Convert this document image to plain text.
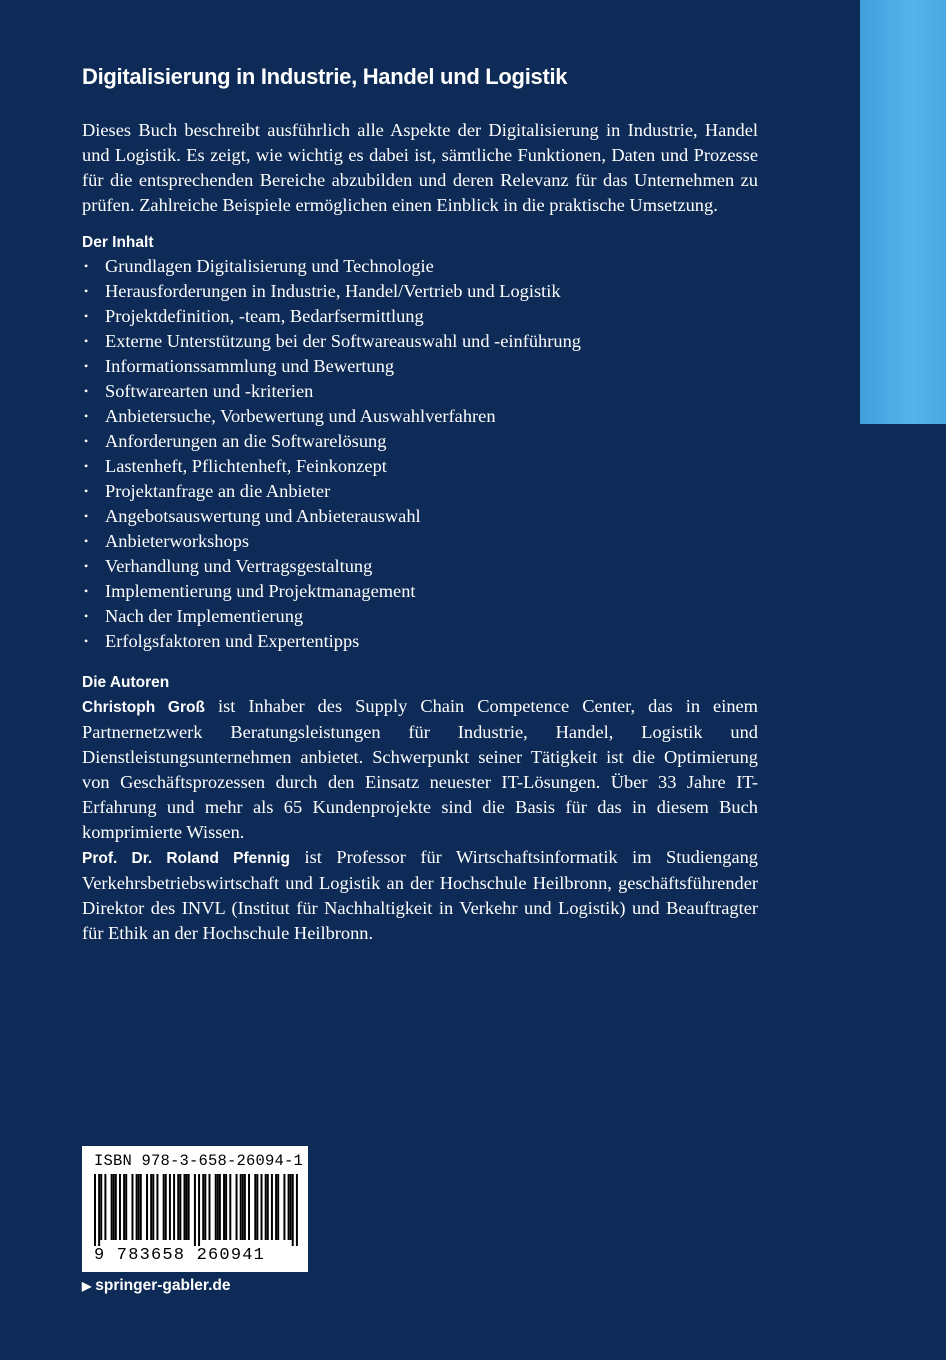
Digitalisierung in Industrie, Handel und Logistik

Dieses Buch beschreibt ausführlich alle Aspekte der Digitalisierung in Industrie, Handel und Logistik. Es zeigt, wie wichtig es dabei ist, sämtliche Funktionen, Daten und Prozesse für die entsprechenden Bereiche abzubilden und deren Relevanz für das Unternehmen zu prüfen. Zahlreiche Beispiele ermöglichen einen Einblick in die praktische Umsetzung.

Der Inhalt
• Grundlagen Digitalisierung und Technologie
• Herausforderungen in Industrie, Handel/Vertrieb und Logistik
• Projektdefinition, -team, Bedarfsermittlung
• Externe Unterstützung bei der Softwareauswahl und -einführung
• Informationssammlung und Bewertung
• Softwarearten und -kriterien
• Anbietersuche, Vorbewertung und Auswahlverfahren
• Anforderungen an die Softwarelösung
• Lastenheft, Pflichtenheft, Feinkonzept
• Projektanfrage an die Anbieter
• Angebotsauswertung und Anbieterauswahl
• Anbieterworkshops
• Verhandlung und Vertragsgestaltung
• Implementierung und Projektmanagement
• Nach der Implementierung
• Erfolgsfaktoren und Expertentipps
Die Autoren

Christoph Groß ist Inhaber des Supply Chain Competence Center, das in einem Partnernetzwerk Beratungsleistungen für Industrie, Handel, Logistik und Dienstleistungsunternehmen anbietet. Schwerpunkt seiner Tätigkeit ist die Optimierung von Geschäftsprozessen durch den Einsatz neuester IT-Lösungen. Über 33 Jahre IT-Erfahrung und mehr als 65 Kundenprojekte sind die Basis für das in diesem Buch komprimierte Wissen.

Prof. Dr. Roland Pfennig ist Professor für Wirtschaftsinformatik im Studiengang Verkehrsbetriebswirtschaft und Logistik an der Hochschule Heilbronn, geschäftsführender Direktor des INVL (Institut für Nachhaltigkeit in Verkehr und Logistik) und Beauftragter für Ethik an der Hochschule Heilbronn.

ISBN 978-3-658-26094-1
9 783658 260941
▶ springer-gabler.de
